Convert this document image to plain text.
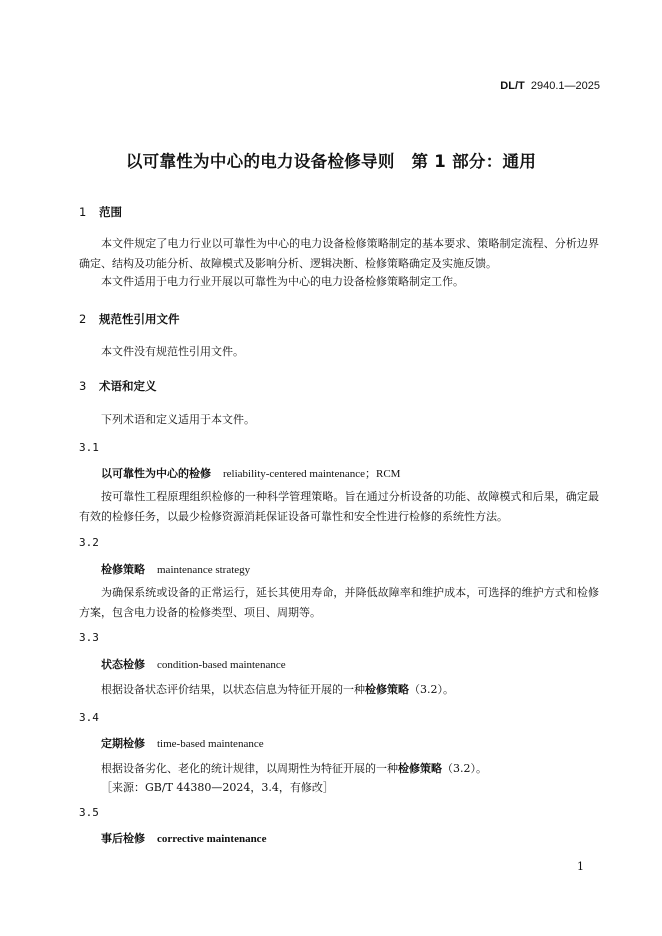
DL/T 2940.1—2025
以可靠性为中心的电力设备检修导则　第 1 部分：通用
1 范围
本文件规定了电力行业以可靠性为中心的电力设备检修策略制定的基本要求、策略制定流程、分析边界确定、结构及功能分析、故障模式及影响分析、逻辑决断、检修策略确定及实施反馈。
本文件适用于电力行业开展以可靠性为中心的电力设备检修策略制定工作。
2 规范性引用文件
本文件没有规范性引用文件。
3 术语和定义
下列术语和定义适用于本文件。
3.1
以可靠性为中心的检修 reliability-centered maintenance；RCM
按可靠性工程原理组织检修的一种科学管理策略。旨在通过分析设备的功能、故障模式和后果，确定最有效的检修任务，以最少检修资源消耗保证设备可靠性和安全性进行检修的系统性方法。
3.2
检修策略 maintenance strategy
为确保系统或设备的正常运行，延长其使用寿命，并降低故障率和维护成本，可选择的维护方式和检修方案，包含电力设备的检修类型、项目、周期等。
3.3
状态检修 condition-based maintenance
根据设备状态评价结果，以状态信息为特征开展的一种检修策略（3.2）。
3.4
定期检修 time-based maintenance
根据设备劣化、老化的统计规律，以周期性为特征开展的一种检修策略（3.2）。
［来源：GB/T 44380—2024，3.4，有修改］
3.5
事后检修 corrective maintenance
1
